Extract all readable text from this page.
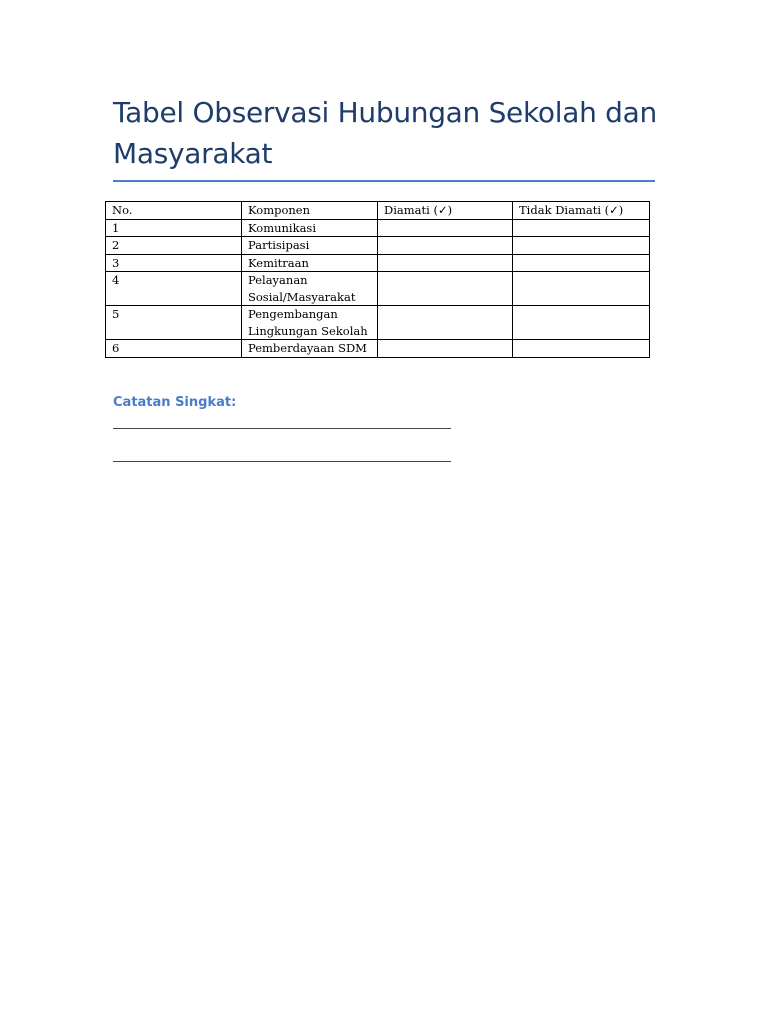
Tabel Observasi Hubungan Sekolah dan Masyarakat
No.	Komponen	Diamati (✓)	Tidak Diamati (✓)
1	Komunikasi		
2	Partisipasi		
3	Kemitraan		
4	Pelayanan Sosial/Masyarakat		
5	Pengembangan Lingkungan Sekolah		
6	Pemberdayaan SDM		
Catatan Singkat:
